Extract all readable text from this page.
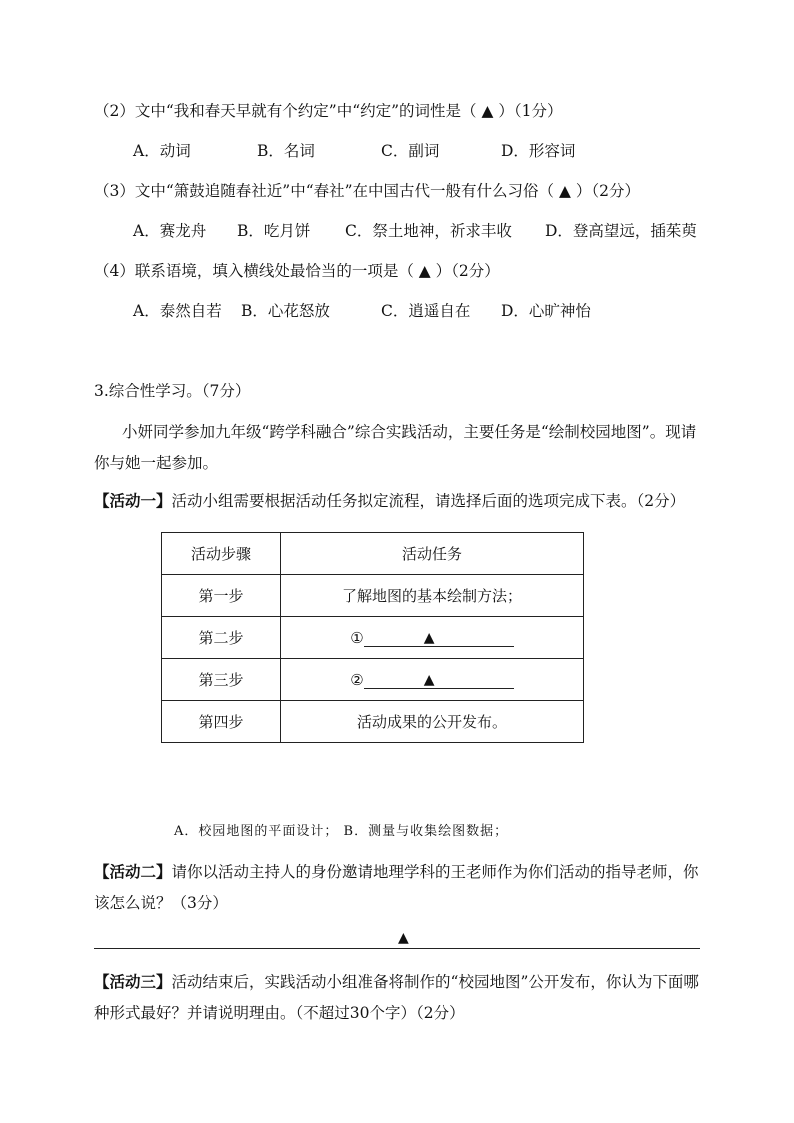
（2）文中“我和春天早就有个约定”中“约定”的词性是（ ▲ ）（1分）
A．动词	B．名词	C．副词	D．形容词
（3）文中“箫鼓追随春社近”中“春社”在中国古代一般有什么习俗（ ▲ ）（2分）
A．赛龙舟 B．吃月饼 C．祭土地神，祈求丰收 D．登高望远，插茱萸
（4）联系语境，填入横线处最恰当的一项是（ ▲ ）（2分）
A．泰然自若 B．心花怒放	C．逍遥自在 D．心旷神怡
3.综合性学习。（7分）
小妍同学参加九年级“跨学科融合”综合实践活动，主要任务是“绘制校园地图”。现请你与她一起参加。
【活动一】活动小组需要根据活动任务拟定流程，请选择后面的选项完成下表。（2分）
活动步骤	活动任务
第一步	了解地图的基本绘制方法；
第二步	① ▲

第三步	② ▲

第四步	活动成果的公开发布。
A．校园地图的平面设计； B．测量与收集绘图数据；
【活动二】请你以活动主持人的身份邀请地理学科的王老师作为你们活动的指导老师，你该怎么说？（3分）
▲
【活动三】活动结束后，实践活动小组准备将制作的“校园地图”公开发布，你认为下面哪种形式最好？并请说明理由。（不超过30个字）（2分）
